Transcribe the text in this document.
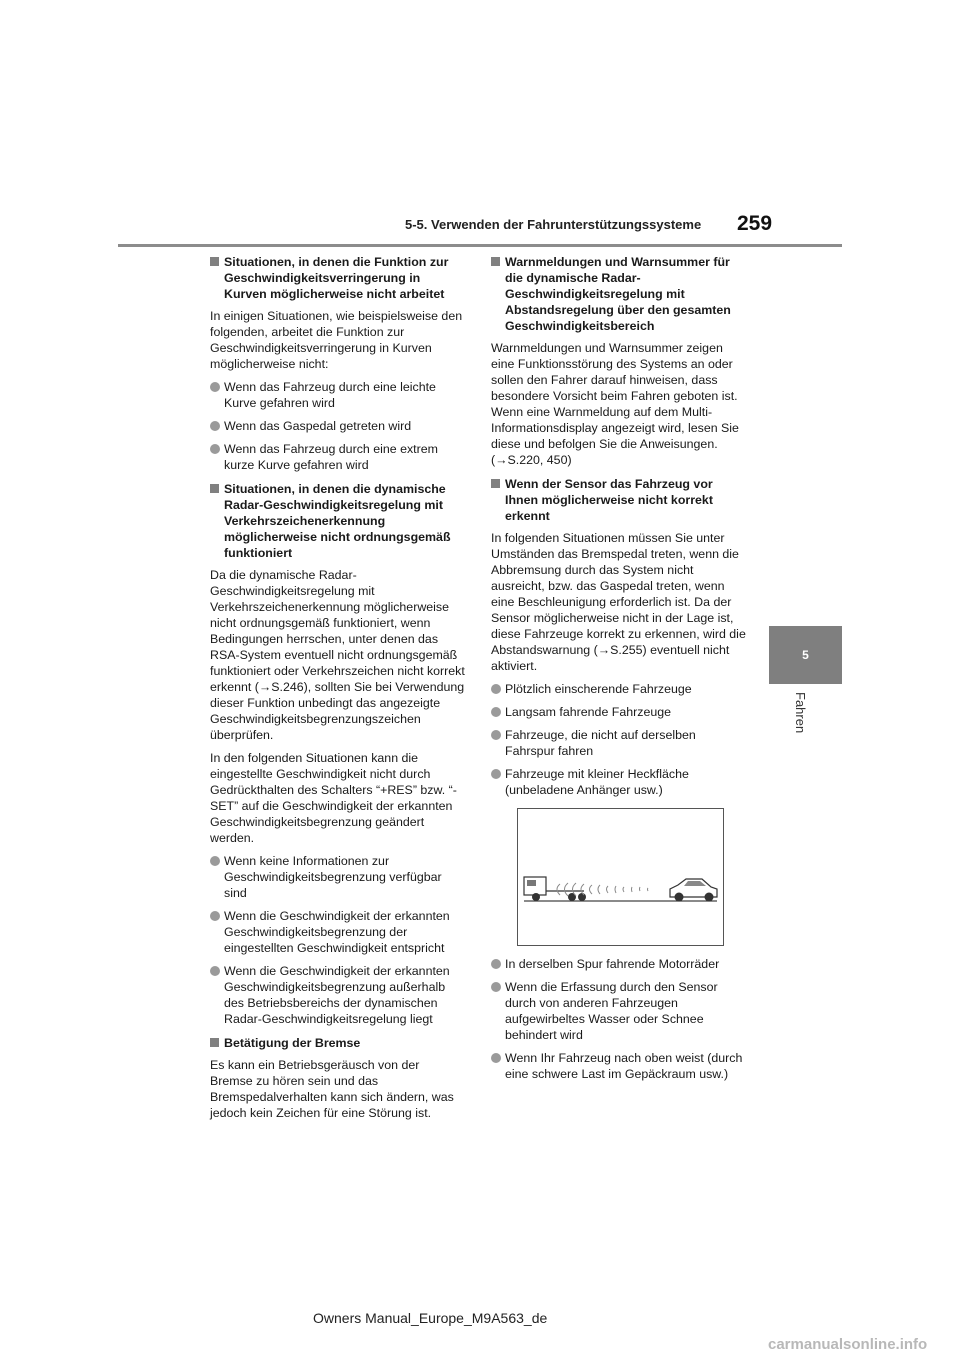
5-5. Verwenden der Fahrunterstützungssysteme 259
5
Fahren
Situationen, in denen die Funktion zur Geschwindigkeitsverringerung in Kurven möglicherweise nicht arbeitet

In einigen Situationen, wie beispielsweise den folgenden, arbeitet die Funktion zur Geschwindigkeitsverringerung in Kurven möglicherweise nicht:

Wenn das Fahrzeug durch eine leichte Kurve gefahren wird
Wenn das Gaspedal getreten wird
Wenn das Fahrzeug durch eine extrem kurze Kurve gefahren wird
Situationen, in denen die dynamische Radar-Geschwindigkeitsregelung mit Verkehrszeichenerkennung möglicherweise nicht ordnungsgemäß funktioniert

Da die dynamische Radar-Geschwindigkeitsregelung mit Verkehrszeichenerkennung möglicherweise nicht ordnungsgemäß funktioniert, wenn Bedingungen herrschen, unter denen das RSA-System eventuell nicht ordnungsgemäß funktioniert oder Verkehrszeichen nicht korrekt erkennt (→S.246), sollten Sie bei Verwendung dieser Funktion unbedingt das angezeigte Geschwindigkeitsbegrenzungszeichen überprüfen.

In den folgenden Situationen kann die eingestellte Geschwindigkeit nicht durch Gedrückthalten des Schalters “+RES” bzw. “-SET” auf die Geschwindigkeit der erkannten Geschwindigkeitsbegrenzung geändert werden.

Wenn keine Informationen zur Geschwindigkeitsbegrenzung verfügbar sind
Wenn die Geschwindigkeit der erkannten Geschwindigkeitsbegrenzung der eingestellten Geschwindigkeit entspricht
Wenn die Geschwindigkeit der erkannten Geschwindigkeitsbegrenzung außerhalb des Betriebsbereichs der dynamischen Radar-Geschwindigkeitsregelung liegt
Betätigung der Bremse

Es kann ein Betriebsgeräusch von der Bremse zu hören sein und das Bremspedalverhalten kann sich ändern, was jedoch kein Zeichen für eine Störung ist.

Warnmeldungen und Warnsummer für die dynamische Radar-Geschwindigkeitsregelung mit Abstandsregelung über den gesamten Geschwindigkeitsbereich

Warnmeldungen und Warnsummer zeigen eine Funktionsstörung des Systems an oder sollen den Fahrer darauf hinweisen, dass besondere Vorsicht beim Fahren geboten ist. Wenn eine Warnmeldung auf dem Multi-Informationsdisplay angezeigt wird, lesen Sie diese und befolgen Sie die Anweisungen. (→S.220, 450)

Wenn der Sensor das Fahrzeug vor Ihnen möglicherweise nicht korrekt erkennt

In folgenden Situationen müssen Sie unter Umständen das Bremspedal treten, wenn die Abbremsung durch das System nicht ausreicht, bzw. das Gaspedal treten, wenn eine Beschleunigung erforderlich ist. Da der Sensor möglicherweise nicht in der Lage ist, diese Fahrzeuge korrekt zu erkennen, wird die Abstandswarnung (→S.255) eventuell nicht aktiviert.

Plötzlich einscherende Fahrzeuge
Langsam fahrende Fahrzeuge
Fahrzeuge, die nicht auf derselben Fahrspur fahren
Fahrzeuge mit kleiner Heckfläche (unbeladene Anhänger usw.)
In derselben Spur fahrende Motorräder
Wenn die Erfassung durch den Sensor durch von anderen Fahrzeugen aufgewirbeltes Wasser oder Schnee behindert wird
Wenn Ihr Fahrzeug nach oben weist (durch eine schwere Last im Gepäckraum usw.)
Owners Manual_Europe_M9A563_de
carmanualsonline.info
